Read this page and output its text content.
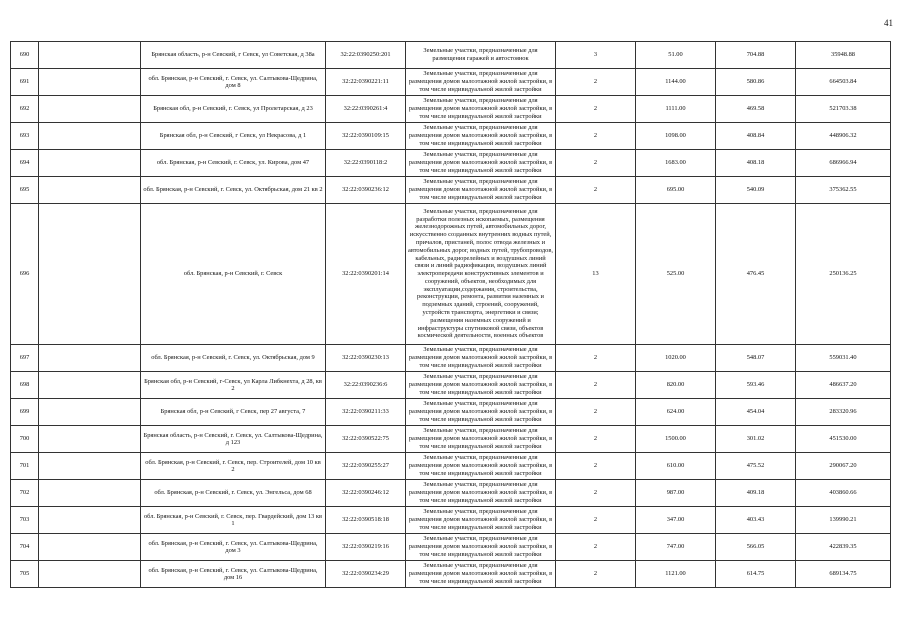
41
690		Брянская область, р-н Севский, г Севск, ул Советская, д 38а	32:22:0390250:201	Земельные участки, предназначенные для размещения гаражей и автостоянок	3	51.00	704.88	35948.88
691		обл. Брянская, р-н Севский, г. Севск, ул. Салтыкова-Щедрина, дом 8	32:22:0390221:11	Земельные участки, предназначенные для размещения домов малоэтажной жилой застройки, в том числе индивидуальной жилой застройки	2	1144.00	580.86	664503.84
692		Брянская обл, р-н Севский, г. Севск, ул Пролетарская, д 23	32:22:0390261:4	Земельные участки, предназначенные для размещения домов малоэтажной жилой застройки, в том числе индивидуальной жилой застройки	2	1111.00	469.58	521703.38
693		Брянская обл, р-н Севский, г Севск, ул Некрасова, д 1	32:22:0390109:15	Земельные участки, предназначенные для размещения домов малоэтажной жилой застройки, в том числе индивидуальной жилой застройки	2	1098.00	408.84	448906.32
694		обл. Брянская, р-н Севский, г. Севск, ул. Кирова, дом 47	32:22:0390118:2	Земельные участки, предназначенные для размещения домов малоэтажной жилой застройки, в том числе индивидуальной жилой застройки	2	1683.00	408.18	686966.94
695		обл. Брянская, р-н Севский, г. Севск, ул. Октябрьская, дом 21 кв 2	32:22:0390236:12	Земельные участки, предназначенные для размещения домов малоэтажной жилой застройки, в том числе индивидуальной жилой застройки	2	695.00	540.09	375362.55
696		обл. Брянская, р-н Севский, г. Севск	32:22:0390201:14	Земельные участки, предназначенные для разработки полезных ископаемых, размещения железнодорожных путей, автомобильных дорог, искусственно созданных внутренних водных путей, причалов, пристаней, полос отвода железных и автомобильных дорог, водных путей, трубопроводов, кабельных, радиорелейных и воздушных линий связи и линий радиофикации, воздушных линий электропередачи конструктивных элементов и сооружений, объектов, необходимых для эксплуатации,содержания, строительства, реконструкции, ремонта, развития наземных и подземных зданий, строений, сооружений, устройств транспорта, энергетики и связи; размещения наземных сооружений и инфраструктуры спутниковой связи, объектов космической деятельности, военных объектов	13	525.00	476.45	250136.25
697		обл. Брянская, р-н Севский, г. Севск, ул. Октябрьская, дом 9	32:22:0390230:13	Земельные участки, предназначенные для размещения домов малоэтажной жилой застройки, в том числе индивидуальной жилой застройки	2	1020.00	548.07	559031.40
698		Брянская обл, р-н Севский, г-Севск, ул Карла Либкнехта, д 28, кв 2	32:22:0390236:6	Земельные участки, предназначенные для размещения домов малоэтажной жилой застройки, в том числе индивидуальной жилой застройки	2	820.00	593.46	486637.20
699		Брянская обл, р-н Севский, г Севск, пер 27 августа, 7	32:22:0390211:33	Земельные участки, предназначенные для размещения домов малоэтажной жилой застройки, в том числе индивидуальной жилой застройки	2	624.00	454.04	283320.96
700		Брянская область, р-н Севский, г. Севск, ул. Салтыкова-Щедрина, д 123	32:22:0390522:75	Земельные участки, предназначенные для размещения домов малоэтажной жилой застройки, в том числе индивидуальной жилой застройки	2	1500.00	301.02	451530.00
701		обл. Брянская, р-н Севский, г. Севск, пер. Строителей, дом 10 кв 2	32:22:0390255:27	Земельные участки, предназначенные для размещения домов малоэтажной жилой застройки, в том числе индивидуальной жилой застройки	2	610.00	475.52	290067.20
702		обл. Брянская, р-н Севский, г. Севск, ул. Энгельса, дом 68	32:22:0390246:12	Земельные участки, предназначенные для размещения домов малоэтажной жилой застройки, в том числе индивидуальной жилой застройки	2	987.00	409.18	403860.66
703		обл. Брянская, р-н Севский, г. Севск, пер. Гвардейский, дом 13 кв 1	32:22:0390518:18	Земельные участки, предназначенные для размещения домов малоэтажной жилой застройки, в том числе индивидуальной жилой застройки	2	347.00	403.43	139990.21
704		обл. Брянская, р-н Севский, г. Севск, ул. Салтыкова-Щедрина, дом 3	32:22:0390219:16	Земельные участки, предназначенные для размещения домов малоэтажной жилой застройки, в том числе индивидуальной жилой застройки	2	747.00	566.05	422839.35
705		обл. Брянская, р-н Севский, г. Севск, ул. Салтыкова-Щедрина, дом 16	32:22:0390234:29	Земельные участки, предназначенные для размещения домов малоэтажной жилой застройки, в том числе индивидуальной жилой застройки	2	1121.00	614.75	689134.75
